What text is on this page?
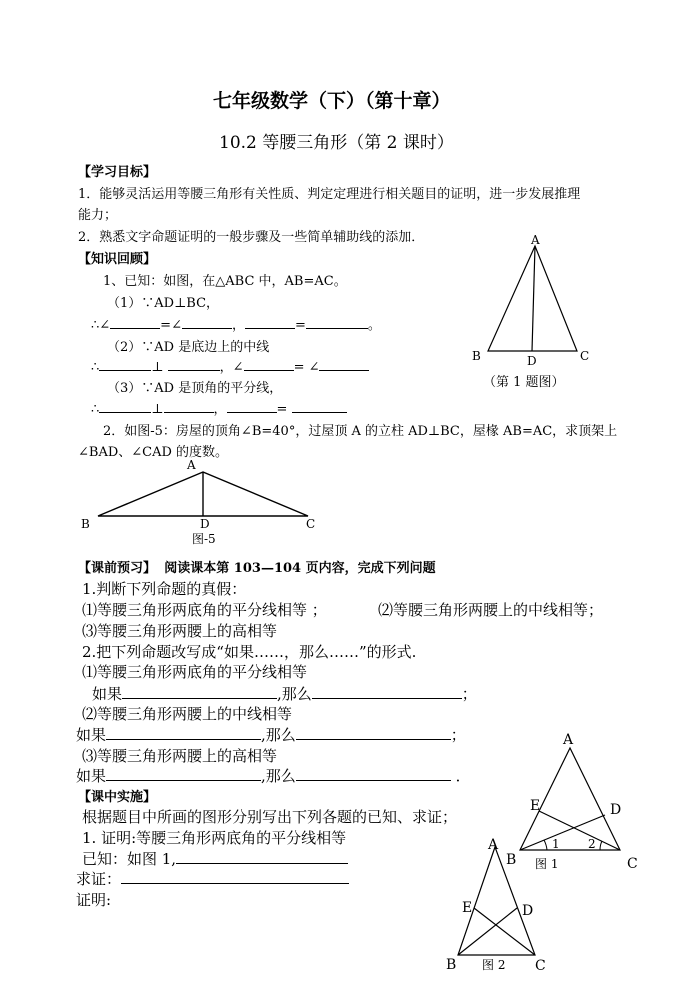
七年级数学（下）（第十章）
10.2 等腰三角形（第 2 课时）
【学习目标】
1．能够灵活运用等腰三角形有关性质、判定定理进行相关题目的证明，进一步发展推理
能力；
2．熟悉文字命题证明的一般步骤及一些简单辅助线的添加．
【知识回顾】
1、已知：如图，在△ABC 中，AB=AC。
（1）∵AD⊥BC，
∴∠	=∠	，	=	。
（2）∵AD 是底边上的中线
∴	⊥	，∠	= ∠
（3）∵AD 是顶角的平分线，
∴	⊥	，	=
2．如图-5：房屋的顶角∠B=40°，过屋顶 A 的立柱 AD⊥BC，屋椽 AB=AC，求顶架上
∠BAD、∠CAD 的度数。
A
B	D	C
（第 1 题图）
A
B	D	C
图-5
【课前预习】 阅读课本第 103—104 页内容，完成下列问题
1.判断下列命题的真假：
⑴等腰三角形两底角的平分线相等 ；	⑵等腰三角形两腰上的中线相等；
⑶等腰三角形两腰上的高相等
2.把下列命题改写成“如果……，那么……”的形式.
⑴等腰三角形两底角的平分线相等
如果	,那么	；
⑵等腰三角形两腰上的中线相等
如果	,那么	；
⑶等腰三角形两腰上的高相等
如果	,那么	．
【课中实施】
根据题目中所画的图形分别写出下列各题的已知、求证；
1. 证明:等腰三角形两底角的平分线相等
已知：如图 1,
求证：
证明:
A
E	D
B	C
1 2
图 1
A
E	D
B	C
图 2
